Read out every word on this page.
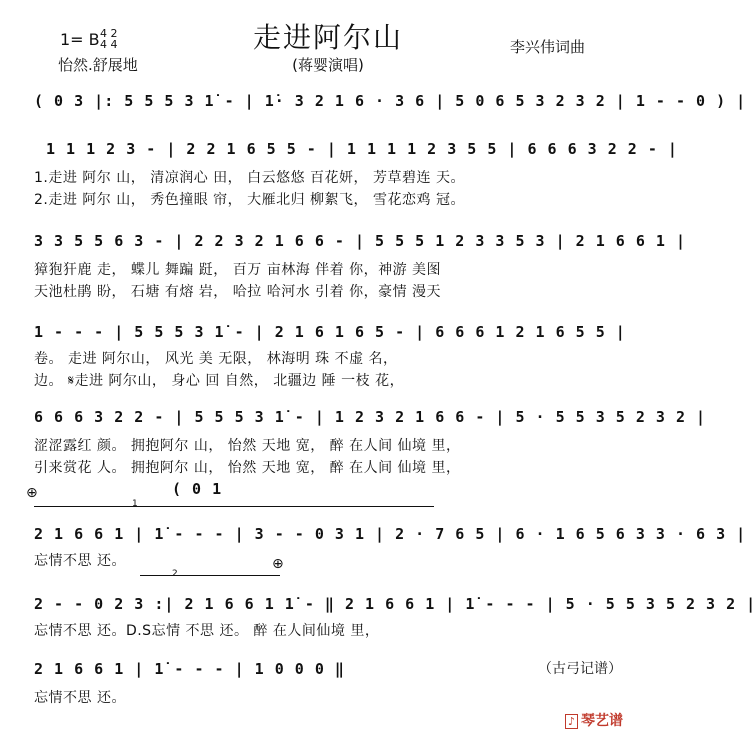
走进阿尔山
1= B 4 2
4 4
怡然.舒展地	(蒋婴演唱)
李兴伟词曲
( 0 3 |: 5 5 5 3 1̇ - | 1̇· 3 2 1 6 · 3 6 | 5 0 6 5 3 2 3 2 | 1 - - 0 ) |
1 1 1 2 3 - | 2 2 1 6 5 5 - | 1 1 1 1 2 3 5 5 | 6 6 6 3 2 2 - |
1.走进 阿尔 山， 清凉润心 田， 白云悠悠 百花妍， 芳草碧连 天。
2.走进 阿尔 山， 秀色撞眼 帘， 大雁北归 柳絮飞， 雪花恋鸡 冠。
3 3 5 5 6 3 - | 2 2 3 2 1 6 6 - | 5 5 5 1 2 3 3 5 3 | 2 1 6 6 1 |
獐狍犴鹿 走， 蝶儿 舞蹁 跹， 百万 亩林海 伴着 你，神游 美图
天池杜鹃 盼， 石塘 有熔 岩， 哈拉 哈河水 引着 你，豪情 漫天
1 - - - | 5 5 5 3 1̇ - | 2 1 6 1 6 5 - | 6 6 6 1 2 1 6 5 5 |
卷。 走进 阿尔山， 风光 美 无限， 林海明 珠 不虚 名，
边。 𝄋走进 阿尔山， 身心 回 自然， 北疆边 陲 一枝 花，
6 6 6 3 2 2 - | 5 5 5 3 1̇ - | 1 2 3 2 1 6 6 - | 5 · 5 5 3 5 2 3 2 |
涩涩露红 颜。 拥抱阿尔 山， 怡然 天地 宽， 醉 在人间 仙境 里，
引来赏花 人。 拥抱阿尔 山， 怡然 天地 宽， 醉 在人间 仙境 里，
⊕	( 0 1
1
2 1 6 6 1 | 1̇ - - - | 3 - - 0 3 1 | 2 · 7 6 5 | 6 · 1 6 5 6 3 3 · 6 3 |
忘情不思 还。
2
⊕
2 - - 0 2 3 :| 2 1 6 6 1 1̇ - ‖ 2 1 6 6 1 | 1̇ - - - | 5 · 5 5 3 5 2 3 2 |
忘情不思 还。D.S忘情 不思 还。 醉 在人间仙境 里，
2 1 6 6 1 | 1̇ - - - | 1 0 0 0 ‖
忘情不思 还。
（古弓记谱）
♪ 琴艺谱
